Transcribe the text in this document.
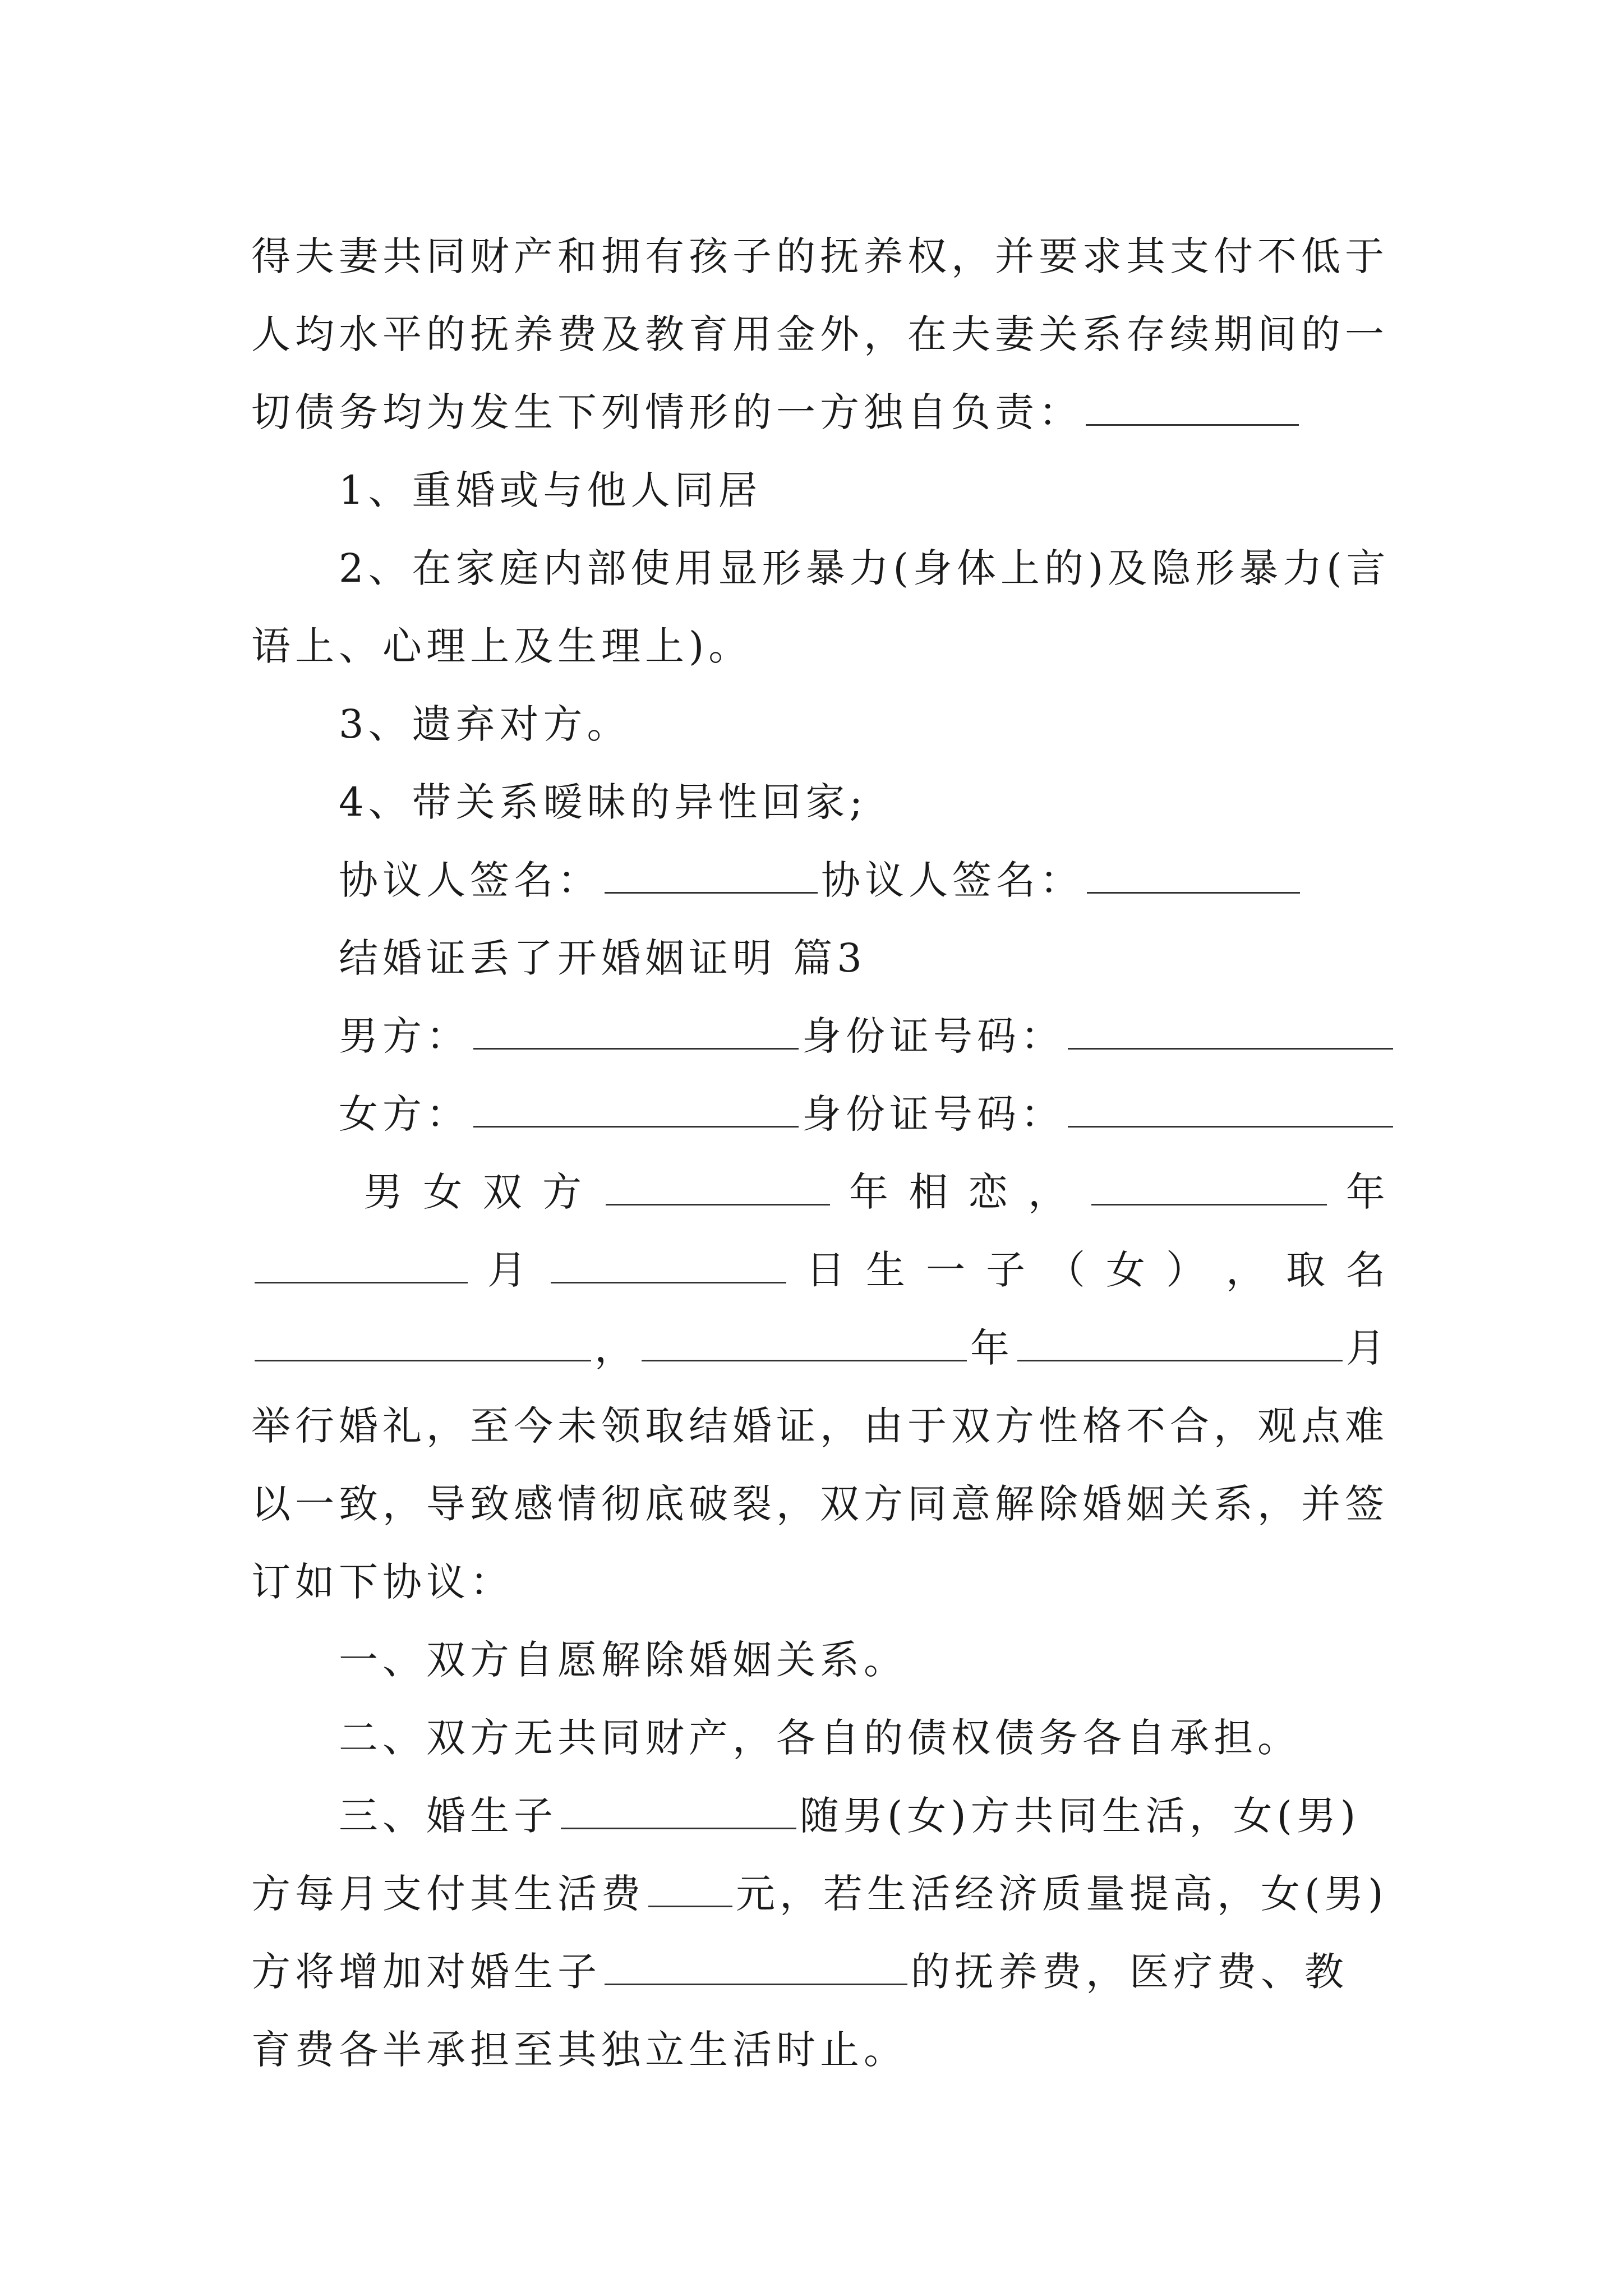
得夫妻共同财产和拥有孩子的抚养权，并要求其支付不低于
人均水平的抚养费及教育用金外，在夫妻关系存续期间的一
切债务均为发生下列情形的一方独自负责：
1、重婚或与他人同居
2、在家庭内部使用显形暴力(身体上的)及隐形暴力(言
语上、心理上及生理上)。
3、遗弃对方。
4、带关系暧昧的异性回家;
协议人签名：	协议人签名：
结婚证丢了开婚姻证明 篇3
男方：	身份证号码：
女方：	身份证号码：
男 女 双 方	年 相 恋 ，	年
月	日 生 一 子 （ 女 ） ， 取 名
，	年	月
举行婚礼，至今未领取结婚证，由于双方性格不合，观点难
以一致，导致感情彻底破裂，双方同意解除婚姻关系，并签
订如下协议：
一、双方自愿解除婚姻关系。
二、双方无共同财产，各自的债权债务各自承担。
三、婚生子	随男(女)方共同生活，女(男)
方每月支付其生活费 元，若生活经济质量提高，女(男)
方将增加对婚生子	的抚养费，医疗费、教
育费各半承担至其独立生活时止。
